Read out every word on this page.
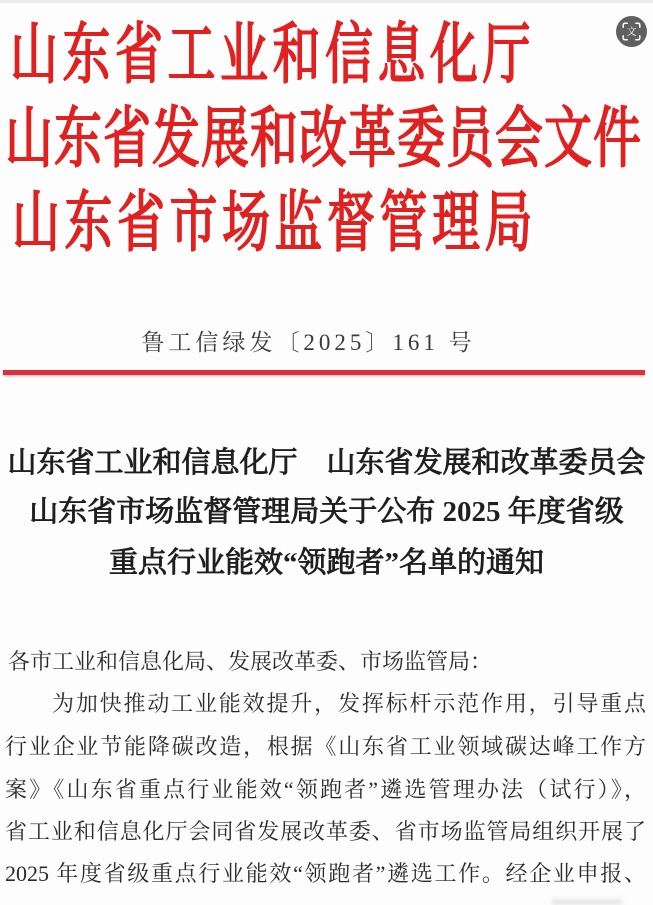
山东省工业和信息化厅
山东省发展和改革委员会文件
山东省市场监督管理局
鲁工信绿发〔2025〕161 号
山东省工业和信息化厅　山东省发展和改革委员会
山东省市场监督管理局关于公布 2025 年度省级
重点行业能效“领跑者”名单的通知
各市工业和信息化局、发展改革委、市场监管局：
为加快推动工业能效提升，发挥标杆示范作用，引导重点
行业企业节能降碳改造，根据《山东省工业领域碳达峰工作方
案》《山东省重点行业能效“领跑者”遴选管理办法（试行）》，
省工业和信息化厅会同省发展改革委、省市场监管局组织开展了
2025 年度省级重点行业能效“领跑者”遴选工作。经企业申报、
文
